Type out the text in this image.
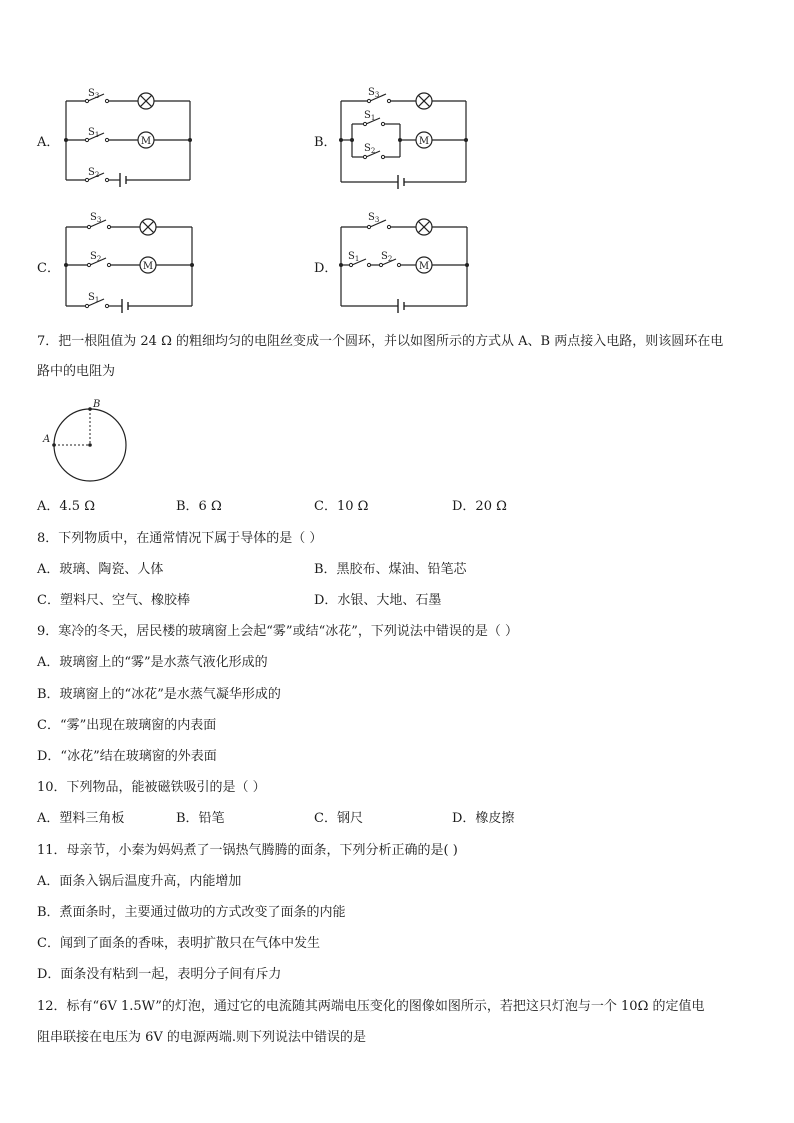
A．	B．
C．	D．
M	M
M	M
$S_3$
$S_1$
$S_2$
$S_3$
$S_1$
$S_2$
$S_3$
$S_2$
$S_1$
$S_3$
$S_1$ $S_2$
7．把一根阻值为 24 Ω 的粗细均匀的电阻丝变成一个圆环，并以如图所示的方式从 A、B 两点接入电路，则该圆环在电
路中的电阻为
A
B
A．4.5 Ω	B．6 Ω	C．10 Ω	D．20 Ω
8．下列物质中，在通常情况下属于导体的是（ ）
A．玻璃、陶瓷、人体	B．黑胶布、煤油、铅笔芯
C．塑料尺、空气、橡胶棒	D．水银、大地、石墨
9．寒冷的冬天，居民楼的玻璃窗上会起“雾”或结“冰花”，下列说法中错误的是（ ）
A．玻璃窗上的“雾”是水蒸气液化形成的
B．玻璃窗上的“冰花”是水蒸气凝华形成的
C．“雾”出现在玻璃窗的内表面
D．“冰花”结在玻璃窗的外表面
10．下列物品，能被磁铁吸引的是（ ）
A．塑料三角板	B．铅笔	C．钢尺	D．橡皮擦
11．母亲节，小秦为妈妈煮了一锅热气腾腾的面条，下列分析正确的是( )
A．面条入锅后温度升高，内能增加
B．煮面条时，主要通过做功的方式改变了面条的内能
C．闻到了面条的香味，表明扩散只在气体中发生
D．面条没有粘到一起，表明分子间有斥力
12．标有“6V 1.5W”的灯泡，通过它的电流随其两端电压变化的图像如图所示，若把这只灯泡与一个 10Ω 的定值电
阻串联接在电压为 6V 的电源两端.则下列说法中错误的是
